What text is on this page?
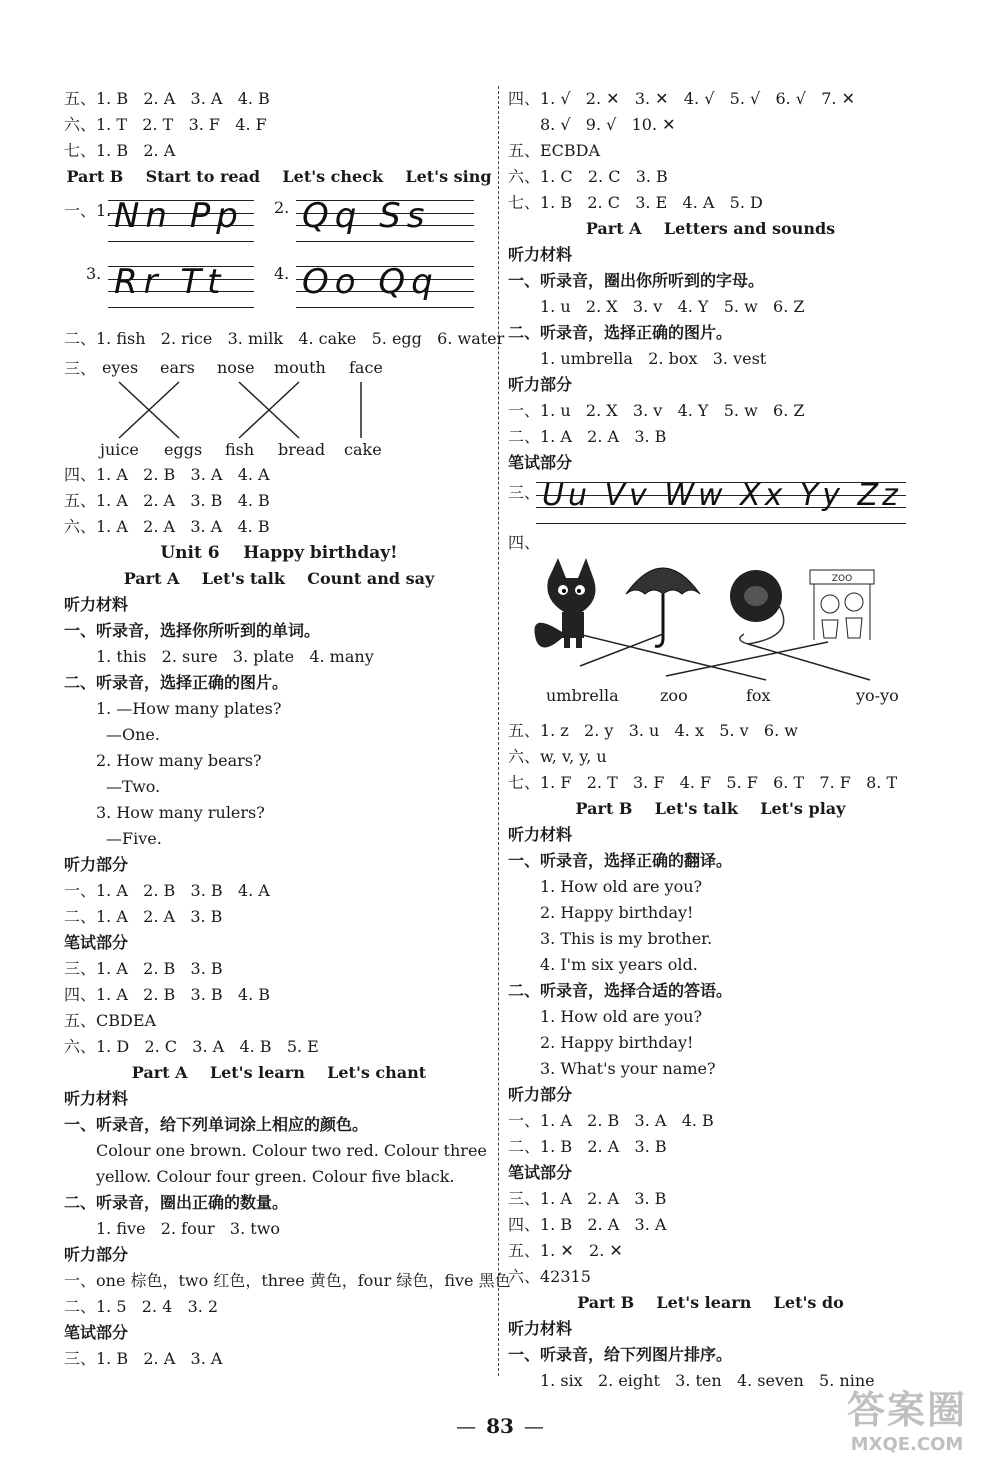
五、1. B   2. A   3. A   4. B
六、1. T   2. T   3. F   4. F
七、1. B   2. A
Part B    Start to read    Let's check    Let's sing
一、1. Nn Pp 2. Qq Ss
3. Rr Tt	4. Oo Qq
二、1. fish   2. rice   3. milk   4. cake   5. egg   6. water
三、 eyes ears nose mouth face
juice eggs fish bread cake
四、1. A   2. B   3. A   4. A
五、1. A   2. A   3. B   4. B
六、1. A   2. A   3. A   4. B
Unit 6    Happy birthday!
Part A    Let's talk    Count and say
听力材料
一、听录音，选择你所听到的单词。
1. this   2. sure   3. plate   4. many
二、听录音，选择正确的图片。
1. —How many plates?
—One.
2. How many bears?
—Two.
3. How many rulers?
—Five.
听力部分
一、1. A   2. B   3. B   4. A
二、1. A   2. A   3. B
笔试部分
三、1. A   2. B   3. B
四、1. A   2. B   3. B   4. B
五、CBDEA
六、1. D   2. C   3. A   4. B   5. E
Part A    Let's learn    Let's chant
听力材料
一、听录音，给下列单词涂上相应的颜色。
Colour one brown. Colour two red. Colour three yellow. Colour four green. Colour five black.
二、听录音，圈出正确的数量。
1. five   2. four   3. two
听力部分
一、one 棕色，two 红色，three 黄色，four 绿色，five 黑色
二、1. 5   2. 4   3. 2
笔试部分
三、1. B   2. A   3. A
四、1. √   2. ✕   3. ✕   4. √   5. √   6. √   7. ✕
8. √   9. √   10. ✕
五、ECBDA
六、1. C   2. C   3. B
七、1. B   2. C   3. E   4. A   5. D
Part A    Letters and sounds
听力材料
一、听录音，圈出你所听到的字母。
1. u   2. X   3. v   4. Y   5. w   6. Z
二、听录音，选择正确的图片。
1. umbrella   2. box   3. vest
听力部分
一、1. u   2. X   3. v   4. Y   5. w   6. Z
二、1. A   2. A   3. B
笔试部分
三、 Uu Vv Ww Xx Yy Zz
四、
ZOO
umbrella	zoo	fox	yo-yo
五、1. z   2. y   3. u   4. x   5. v   6. w
六、w, v, y, u
七、1. F   2. T   3. F   4. F   5. F   6. T   7. F   8. T
Part B    Let's talk    Let's play
听力材料
一、听录音，选择正确的翻译。
1. How old are you?
2. Happy birthday!
3. This is my brother.
4. I'm six years old.
二、听录音，选择合适的答语。
1. How old are you?
2. Happy birthday!
3. What's your name?
听力部分
一、1. A   2. B   3. A   4. B
二、1. B   2. A   3. B
笔试部分
三、1. A   2. A   3. B
四、1. B   2. A   3. A
五、1. ✕   2. ✕
六、42315
Part B    Let's learn    Let's do
听力材料
一、听录音，给下列图片排序。
1. six   2. eight   3. ten   4. seven   5. nine
— 83 —	答案圈
MXQE.COM
